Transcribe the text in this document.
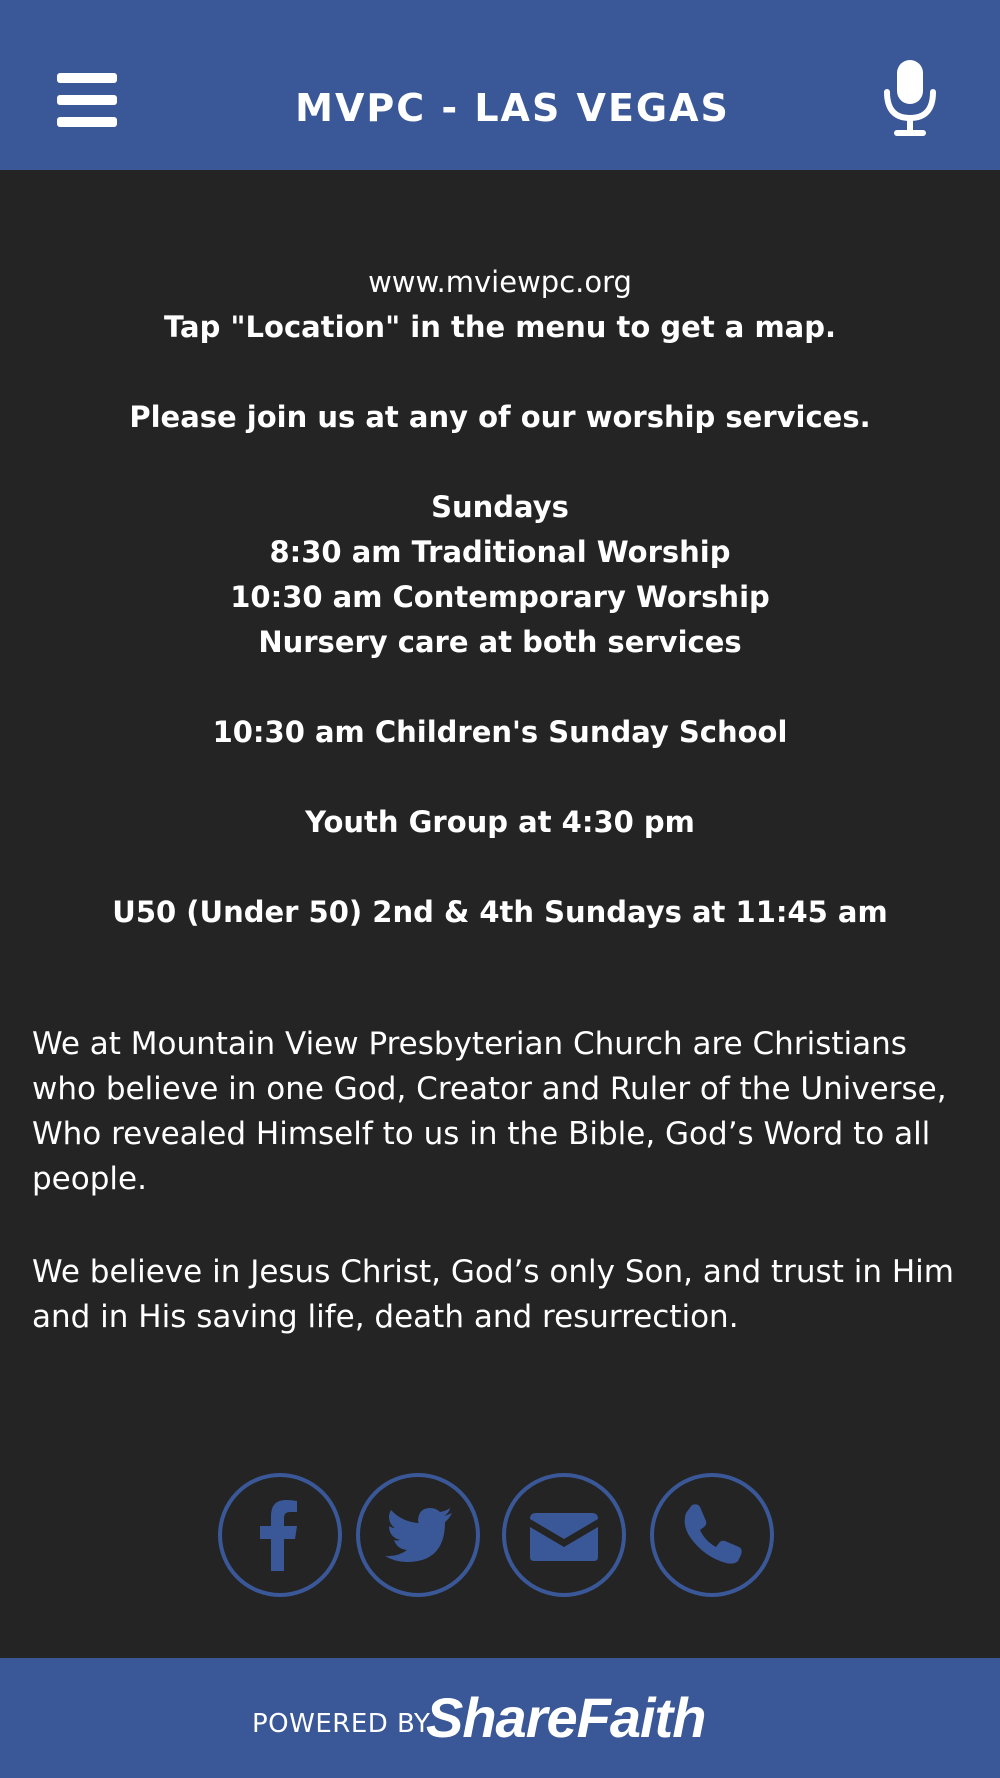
MVPC - LAS VEGAS
www.mviewpc.org
Tap "Location" in the menu to get a map.
Please join us at any of our worship services.
Sundays
8:30 am Traditional Worship
10:30 am Contemporary Worship
Nursery care at both services
10:30 am Children's Sunday School
Youth Group at 4:30 pm
U50 (Under 50) 2nd & 4th Sundays at 11:45 am
We at Mountain View Presbyterian Church are Christians who believe in one God, Creator and Ruler of the Universe, Who revealed Himself to us in the Bible, God’s Word to all people.
We believe in Jesus Christ, God’s only Son, and trust in Him and in His saving life, death and resurrection.
POWERED BY
ShareFaith
